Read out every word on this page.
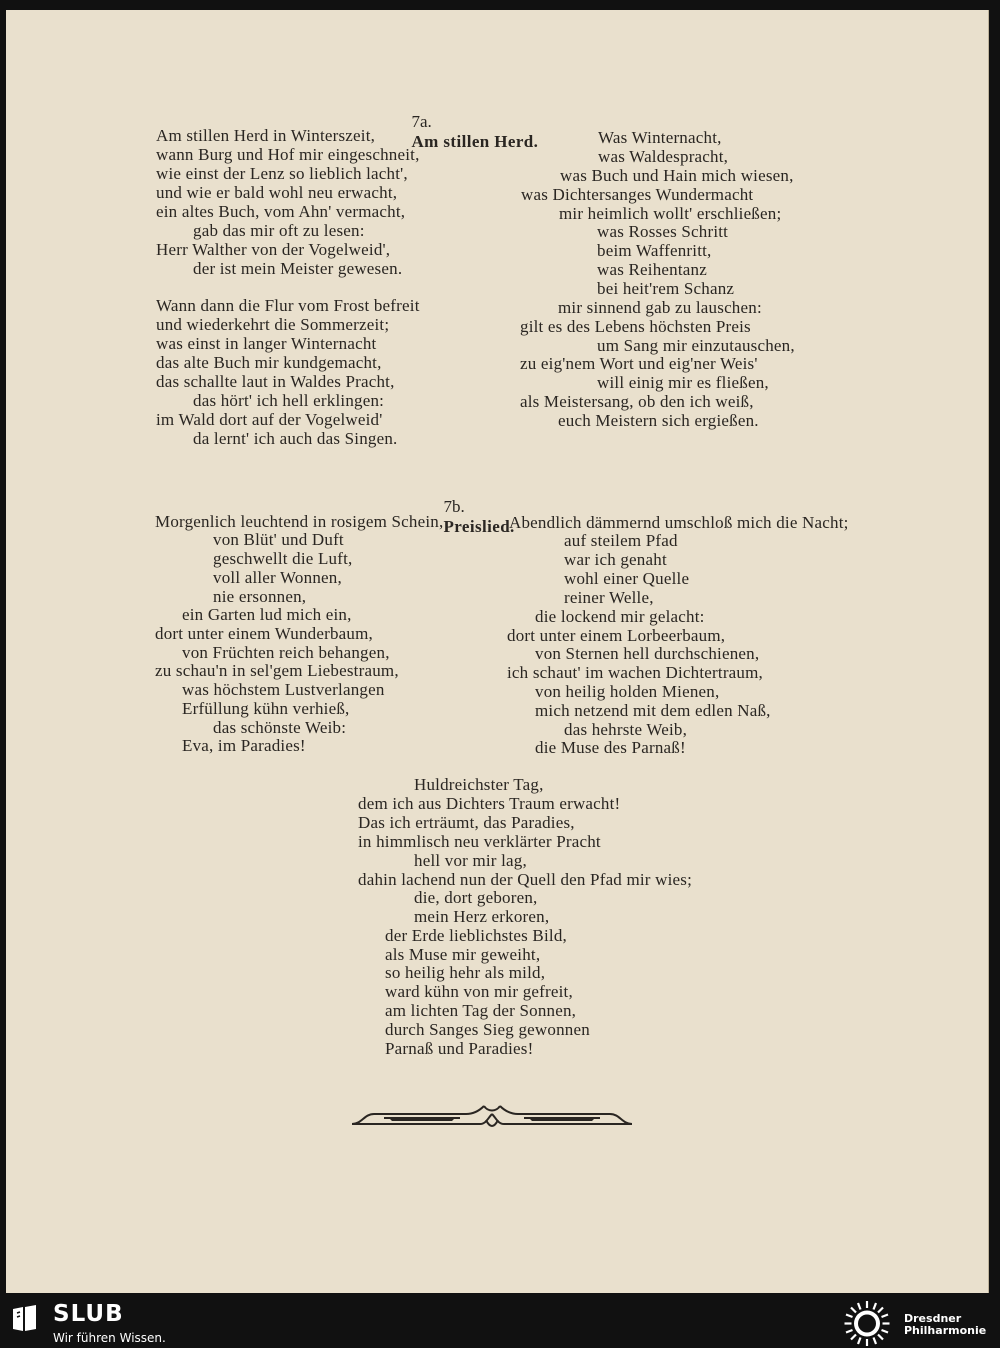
7a.
Am stillen Herd.

Am stillen Herd in Winterszeit,
wann Burg und Hof mir eingeschneit,
wie einst der Lenz so lieblich lacht',
und wie er bald wohl neu erwacht,
ein altes Buch, vom Ahn' vermacht,
gab das mir oft zu lesen:
Herr Walther von der Vogelweid',
der ist mein Meister gewesen.
Wann dann die Flur vom Frost befreit
und wiederkehrt die Sommerzeit;
was einst in langer Winternacht
das alte Buch mir kundgemacht,
das schallte laut in Waldes Pracht,
das hört' ich hell erklingen:
im Wald dort auf der Vogelweid'
da lernt' ich auch das Singen.
Was Winternacht,
was Waldespracht,
was Buch und Hain mich wiesen,
was Dichtersanges Wundermacht
mir heimlich wollt' erschließen;
was Rosses Schritt
beim Waffenritt,
was Reihentanz
bei heit'rem Schanz
mir sinnend gab zu lauschen:
gilt es des Lebens höchsten Preis
um Sang mir einzutauschen,
zu eig'nem Wort und eig'ner Weis'
will einig mir es fließen,
als Meistersang, ob den ich weiß,
euch Meistern sich ergießen.

7b.
Preislied.

Morgenlich leuchtend in rosigem Schein,
von Blüt' und Duft
geschwellt die Luft,
voll aller Wonnen,
nie ersonnen,
ein Garten lud mich ein,
dort unter einem Wunderbaum,
von Früchten reich behangen,
zu schau'n in sel'gem Liebestraum,
was höchstem Lustverlangen
Erfüllung kühn verhieß,
das schönste Weib:
Eva, im Paradies!
Abendlich dämmernd umschloß mich die Nacht;
auf steilem Pfad
war ich genaht
wohl einer Quelle
reiner Welle,
die lockend mir gelacht:
dort unter einem Lorbeerbaum,
von Sternen hell durchschienen,
ich schaut' im wachen Dichtertraum,
von heilig holden Mienen,
mich netzend mit dem edlen Naß,
das hehrste Weib,
die Muse des Parnaß!
Huldreichster Tag,
dem ich aus Dichters Traum erwacht!
Das ich erträumt, das Paradies,
in himmlisch neu verklärter Pracht
hell vor mir lag,
dahin lachend nun der Quell den Pfad mir wies;
die, dort geboren,
mein Herz erkoren,
der Erde lieblichstes Bild,
als Muse mir geweiht,
so heilig hehr als mild,
ward kühn von mir gefreit,
am lichten Tag der Sonnen,
durch Sanges Sieg gewonnen
Parnaß und Paradies!
SLUB
Wir führen Wissen.
Dresdner
Philharmonie
